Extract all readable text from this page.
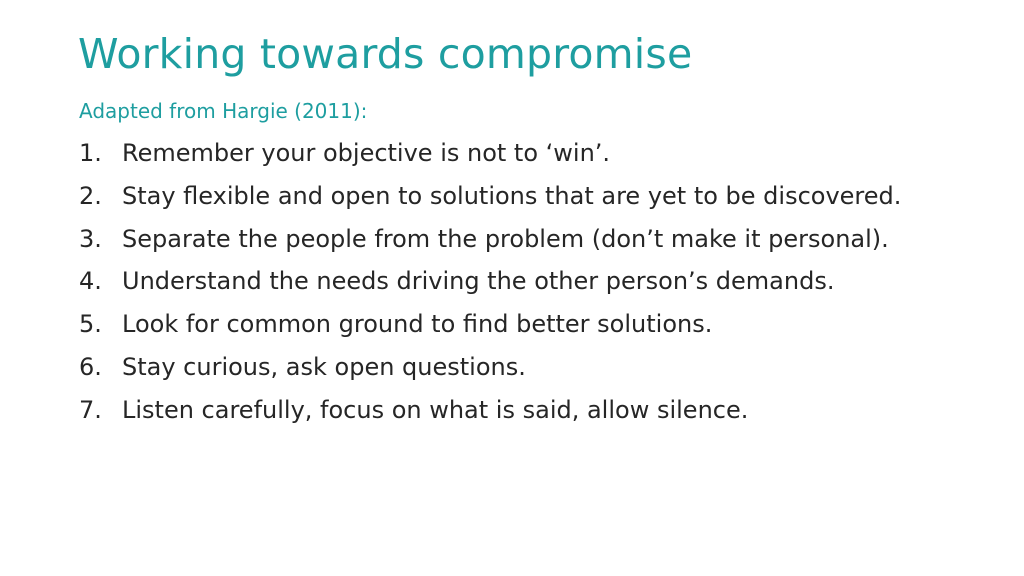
Working towards compromise

Adapted from Hargie (2011):

1. Remember your objective is not to ‘win’.
2. Stay flexible and open to solutions that are yet to be discovered.
3. Separate the people from the problem (don’t make it personal).
4. Understand the needs driving the other person’s demands.
5. Look for common ground to find better solutions.
6. Stay curious, ask open questions.
7. Listen carefully, focus on what is said, allow silence.
